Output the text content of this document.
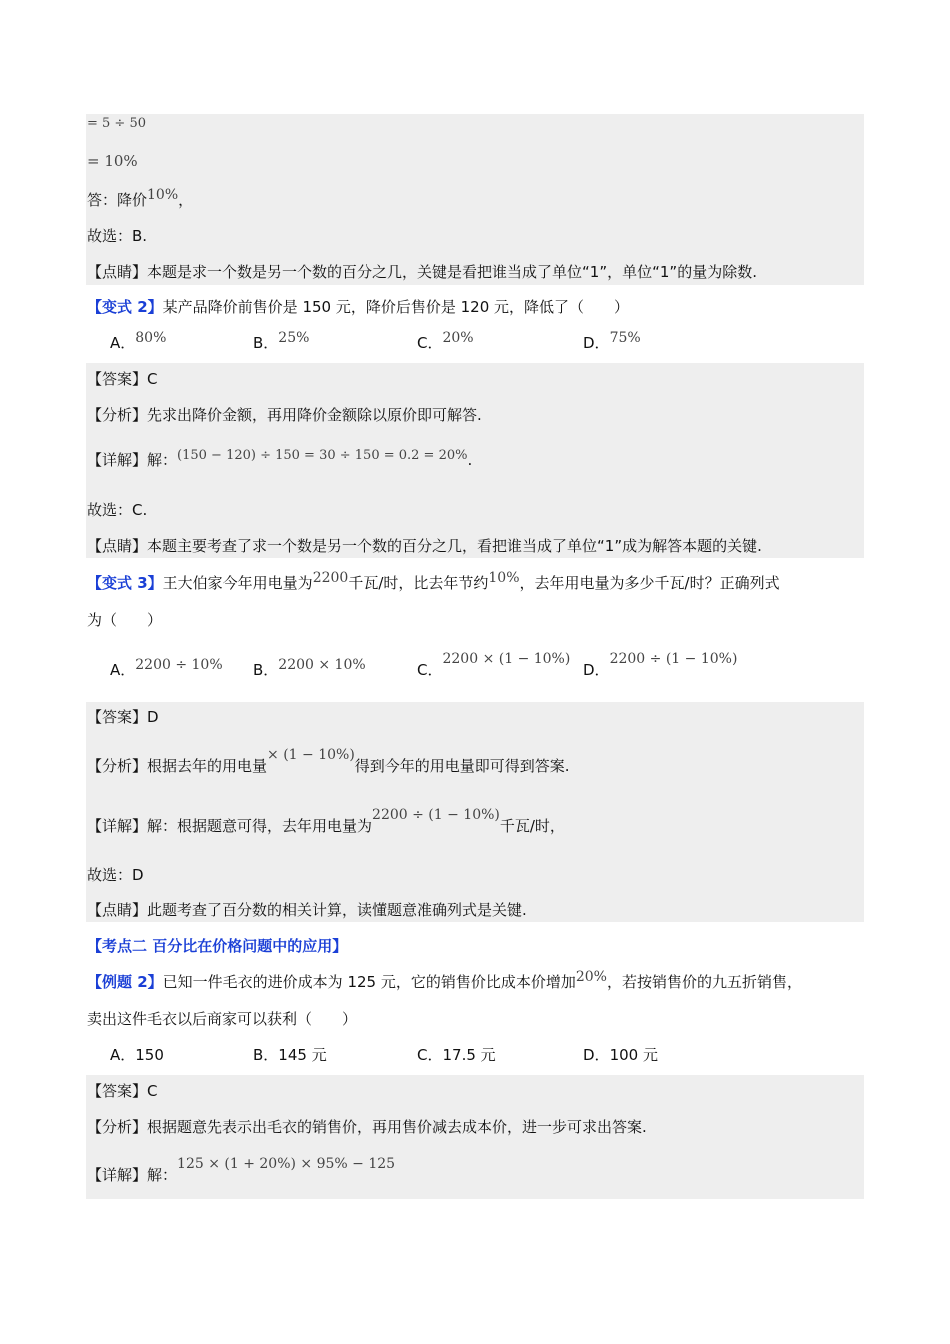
= 5 ÷ 50
= 10%
答：降价10%，
故选：B.
【点睛】本题是求一个数是另一个数的百分之几，关键是看把谁当成了单位“1”，单位“1”的量为除数.
【变式 2】某产品降价前售价是 150 元，降价后售价是 120 元，降低了（　　）
A．80%	B．25%	C．20%	D．75%
【答案】C
【分析】先求出降价金额，再用降价金额除以原价即可解答.
【详解】解：(150 − 120) ÷ 150 = 30 ÷ 150 = 0.2 = 20%.
故选：C.
【点睛】本题主要考查了求一个数是另一个数的百分之几，看把谁当成了单位“1”成为解答本题的关键.
【变式 3】王大伯家今年用电量为2200千瓦/时，比去年节约10%，去年用电量为多少千瓦/时？正确列式
为（　　）
A．2200 ÷ 10% B．2200 × 10%	C．2200 × (1 − 10%)
D．2200 ÷ (1 − 10%)
【答案】D
【分析】根据去年的用电量× (1 − 10%)得到今年的用电量即可得到答案.
【详解】解：根据题意可得，去年用电量为2200 ÷ (1 − 10%)千瓦/时，
故选：D
【点睛】此题考查了百分数的相关计算，读懂题意准确列式是关键.
【考点二 百分比在价格问题中的应用】
【例题 2】已知一件毛衣的进价成本为 125 元，它的销售价比成本价增加20%，若按销售价的九五折销售，
卖出这件毛衣以后商家可以获利（　　）
A．150	B．145 元	C．17.5 元	D．100 元
【答案】C
【分析】根据题意先表示出毛衣的销售价，再用售价减去成本价，进一步可求出答案.
【详解】解：125 × (1 + 20%) × 95% − 125
